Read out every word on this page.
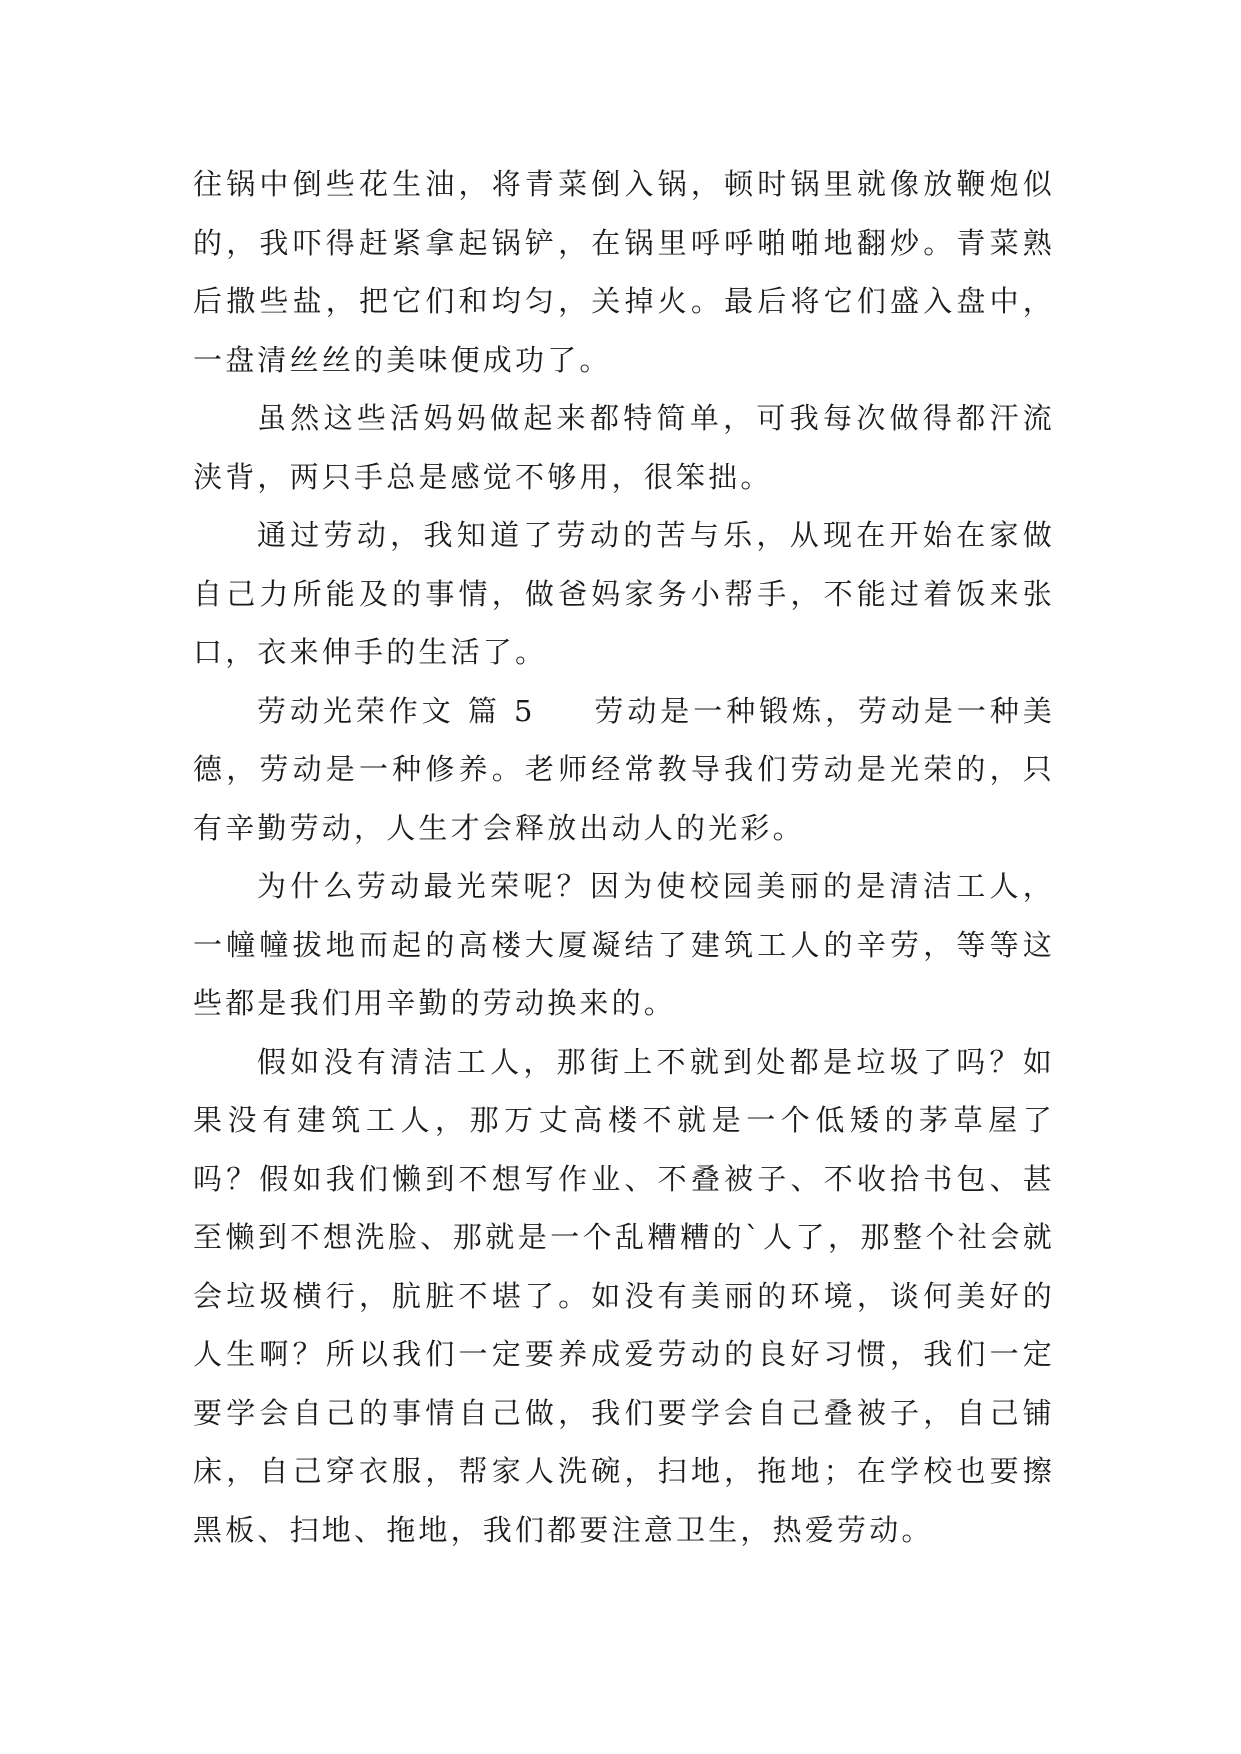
往锅中倒些花生油，将青菜倒入锅，顿时锅里就像放鞭炮似的，我吓得赶紧拿起锅铲，在锅里呼呼啪啪地翻炒。青菜熟后撒些盐，把它们和均匀，关掉火。最后将它们盛入盘中，一盘清丝丝的美味便成功了。

虽然这些活妈妈做起来都特简单，可我每次做得都汗流浃背，两只手总是感觉不够用，很笨拙。

通过劳动，我知道了劳动的苦与乐，从现在开始在家做自己力所能及的事情，做爸妈家务小帮手，不能过着饭来张口，衣来伸手的生活了。

劳动光荣作文 篇 5 劳动是一种锻炼，劳动是一种美德，劳动是一种修养。老师经常教导我们劳动是光荣的，只有辛勤劳动，人生才会释放出动人的光彩。

为什么劳动最光荣呢？因为使校园美丽的是清洁工人，一幢幢拔地而起的高楼大厦凝结了建筑工人的辛劳，等等这些都是我们用辛勤的劳动换来的。

假如没有清洁工人，那街上不就到处都是垃圾了吗？如果没有建筑工人，那万丈高楼不就是一个低矮的茅草屋了吗？假如我们懒到不想写作业、不叠被子、不收拾书包、甚至懒到不想洗脸、那就是一个乱糟糟的`人了，那整个社会就会垃圾横行，肮脏不堪了。如没有美丽的环境，谈何美好的人生啊？所以我们一定要养成爱劳动的良好习惯，我们一定要学会自己的事情自己做，我们要学会自己叠被子，自己铺床，自己穿衣服，帮家人洗碗，扫地，拖地；在学校也要擦黑板、扫地、拖地，我们都要注意卫生，热爱劳动。
